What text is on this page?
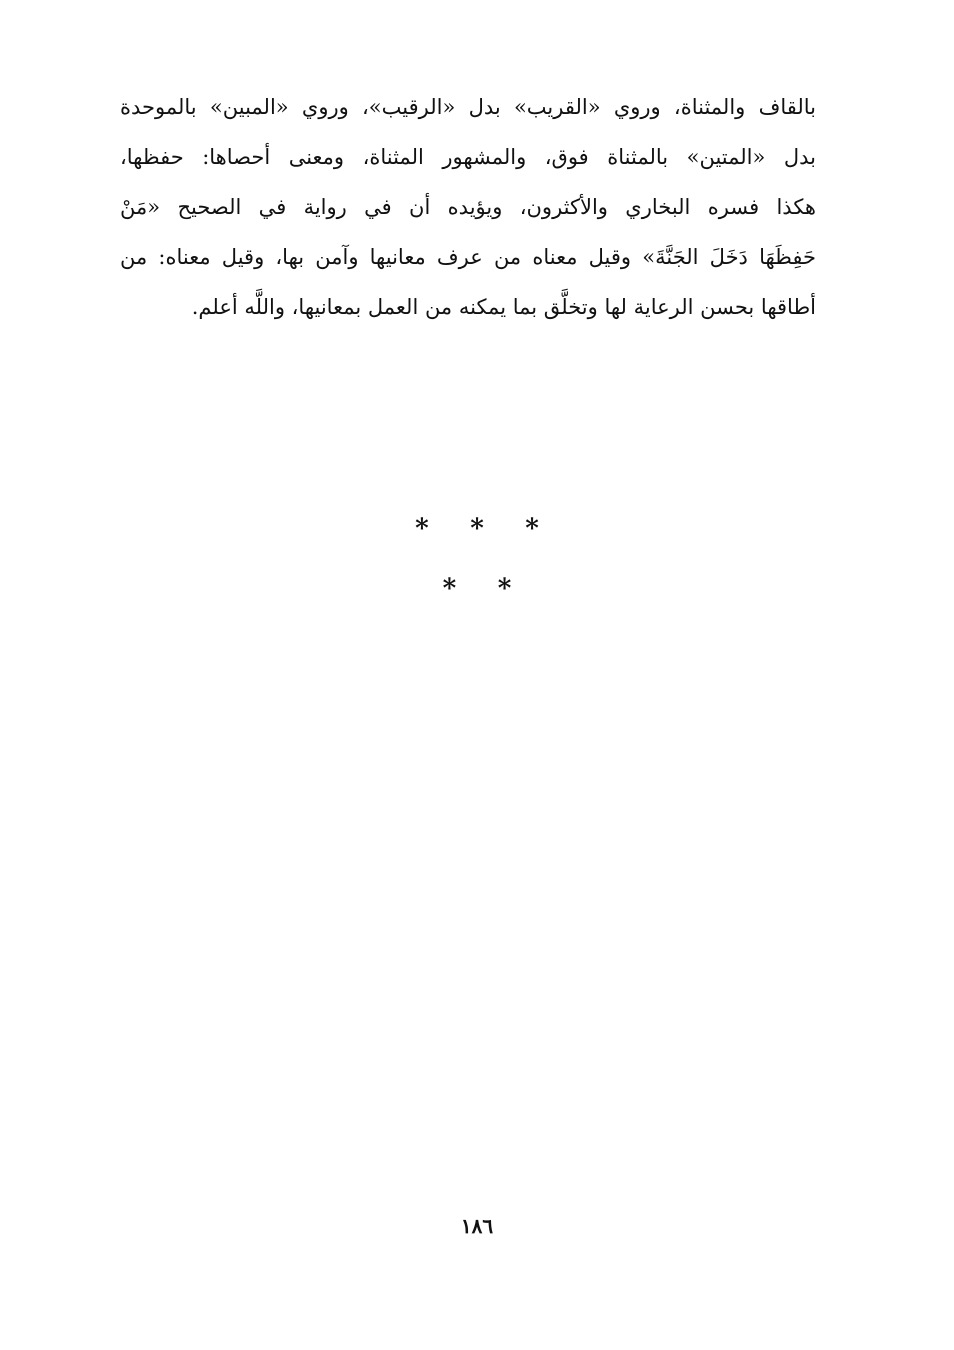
بالقاف والمثناة، وروي «القريب» بدل «الرقيب»، وروي «المبين» بالموحدة
بدل «المتين» بالمثناة فوق، والمشهور المثناة، ومعنى أحصاها: حفظها،
هكذا فسره البخاري والأكثرون، ويؤيده أن في رواية في الصحيح «مَنْ
حَفِظَهَا دَخَلَ الجَنَّةَ» وقيل معناه من عرف معانيها وآمن بها، وقيل معناه: من
أطاقها بحسن الرعاية لها وتخلَّق بما يمكنه من العمل بمعانيها، واللَّه أعلم.
* * *
* *
١٨٦
